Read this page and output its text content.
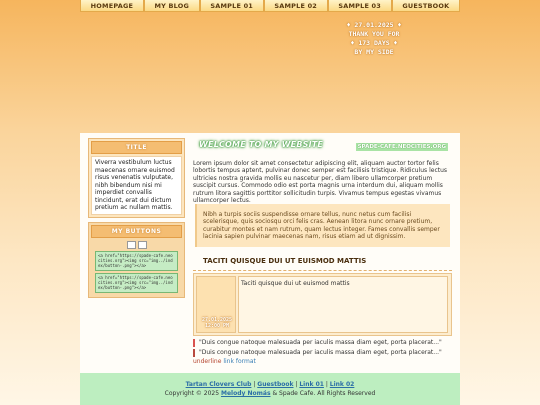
HOMEPAGE	MY BLOG	SAMPLE 01	SAMPLE 02	SAMPLE 03	GUESTBOOK
♦ 27.01.2025 ♦
THANK YOU FOR
♦ 173 DAYS ♦
BY MY SIDE
TITLE
Viverra vestibulum luctus maecenas ornare euismod risus venenatis vulputate, nibh bibendum nisi mi imperdiet convallis tincidunt, erat dui dictum pretium ac nullam mattis.
MY BUTTONS
<a href="https://spade-cafe.neocities.org"><img src="img../index/button-.png"></a>
<a href="https://spade-cafe.neocities.org"><img src="img../index/button-.png"></a>
WELCOME TO MY WEBSITE	SPADE-CAFE.NEOCITIES.ORG
Lorem ipsum dolor sit amet consectetur adipiscing elit, aliquam auctor tortor felis lobortis tempus aptent, pulvinar donec semper est facilisis tristique. Ridiculus lectus ultricies nostra gravida mollis eu nascetur per, diam libero ullamcorper pretium suscipit cursus. Commodo odio est porta magnis urna interdum dui, aliquam mollis rutrum litora sagittis porttitor sollicitudin turpis. Vivamus tempus egestas vivamus ullamcorper lectus.
Nibh a turpis sociis suspendisse ornare tellus, nunc netus cum facilisi scelerisque, quis sociosqu orci felis cras. Aenean litora nunc ornare pretium, curabitur montes et nam rutrum, quam lectus integer. Fames convallis semper lacinia sapien pulvinar maecenas nam, risus etiam ad ut dignissim.
TACITI QUISQUE DUI UT EUISMOD MATTIS
27.01.2025
12:00 PM
Taciti quisque dui ut euismod mattis
"Duis congue natoque malesuada per iaculis massa diam eget, porta placerat..."
"Duis congue natoque malesuada per iaculis massa diam eget, porta placerat..."
underline link format
Tartan Clovers Club | Guestbook | Link 01 | Link 02
Copyright © 2025 Melody Nomás & Spade Cafe. All Rights Reserved
